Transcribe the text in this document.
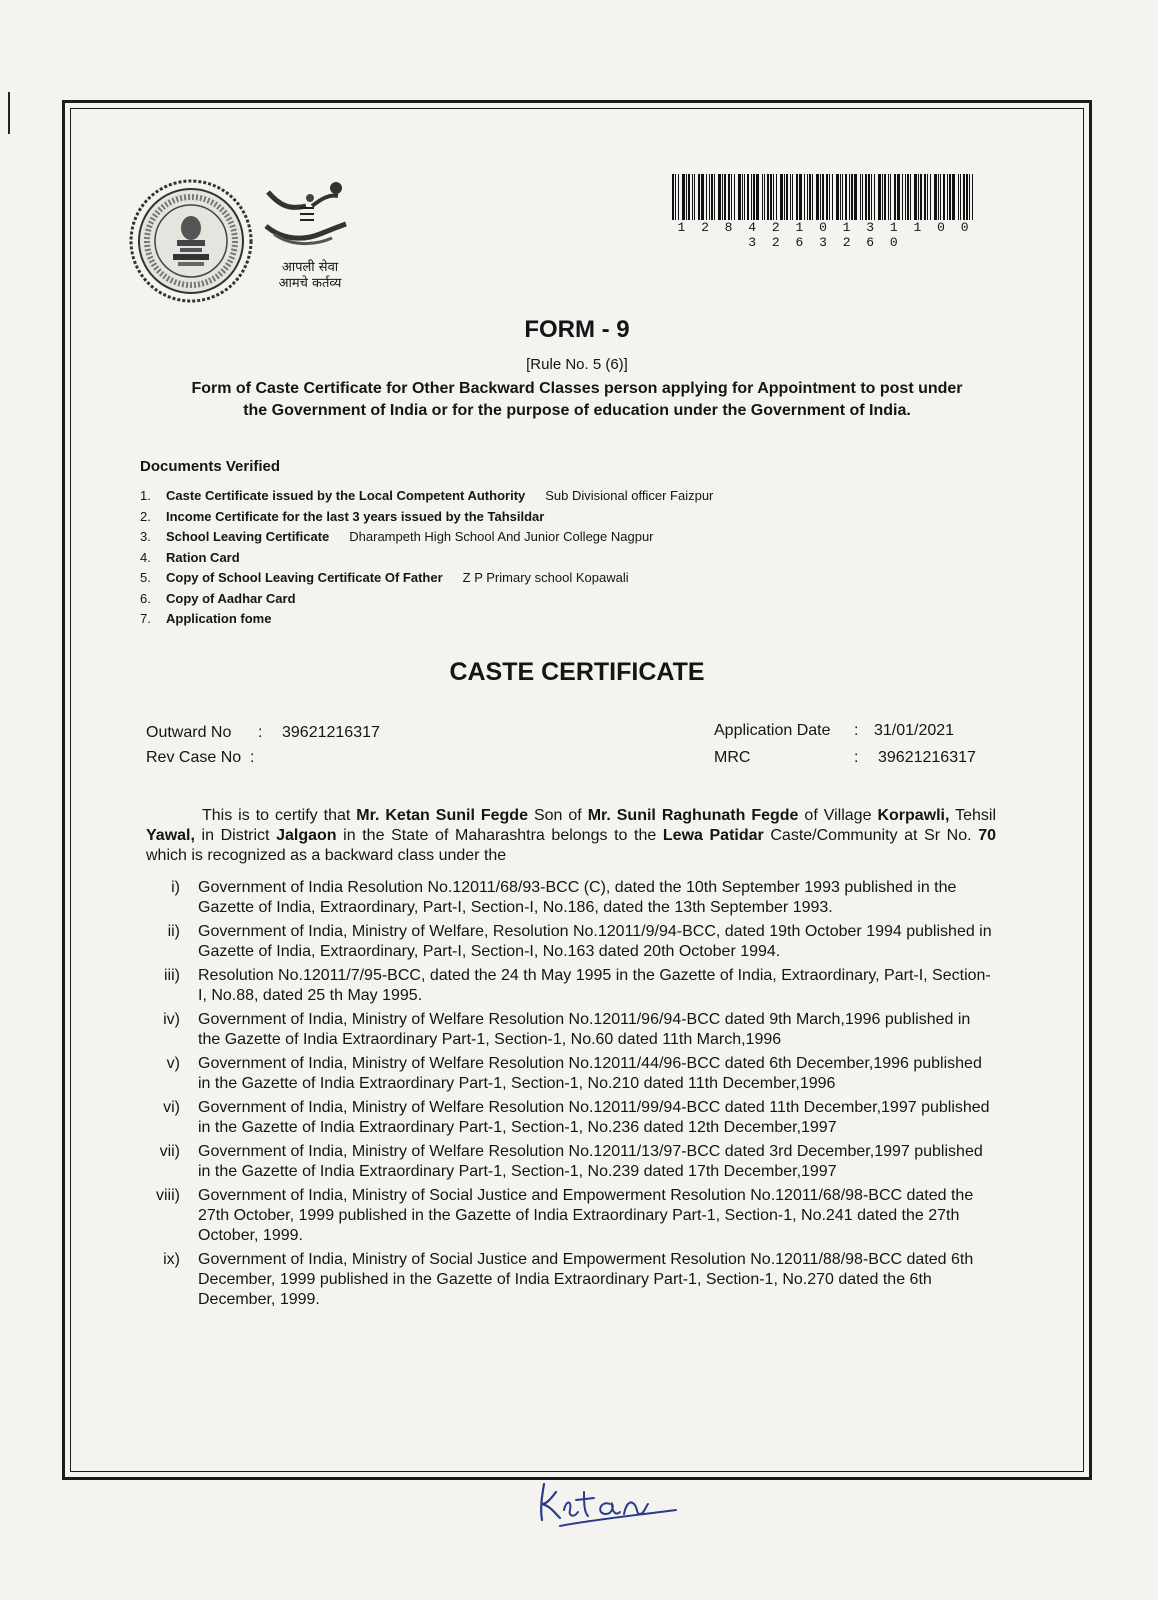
आपली सेवा
आमचे कर्तव्य
1 2 8 4 2 1 0 1 3 1 1 0 0 3 2 6 3 2 6 0
FORM - 9
[Rule No. 5 (6)]
Form of Caste Certificate for Other Backward Classes person applying for Appointment to post under
the Government of India or for the purpose of education under the Government of India.
Documents Verified
1. Caste Certificate issued by the Local Competent Authority Sub Divisional officer Faizpur
2. Income Certificate for the last 3 years issued by the Tahsildar
3. School Leaving Certificate Dharampeth High School And Junior College Nagpur
4. Ration Card
5. Copy of School Leaving Certificate Of Father Z P Primary school Kopawali
6. Copy of Aadhar Card
7. Application fome
CASTE CERTIFICATE
Outward No : 39621216317
Rev Case No :
Application Date : 31/01/2021
MRC	: 39621216317
This is to certify that Mr. Ketan Sunil Fegde Son of Mr. Sunil Raghunath Fegde of Village Korpawli, Tehsil Yawal, in District Jalgaon in the State of Maharashtra belongs to the Lewa Patidar Caste/Community at Sr No. 70 which is recognized as a backward class under the
i) Government of India Resolution No.12011/68/93-BCC (C), dated the 10th September 1993 published in the Gazette of India, Extraordinary, Part-I, Section-I, No.186, dated the 13th September 1993.
ii) Government of India, Ministry of Welfare, Resolution No.12011/9/94-BCC, dated 19th October 1994 published in Gazette of India, Extraordinary, Part-I, Section-I, No.163 dated 20th October 1994.
iii) Resolution No.12011/7/95-BCC, dated the 24 th May 1995 in the Gazette of India, Extraordinary, Part-I, Section-I, No.88, dated 25 th May 1995.
iv) Government of India, Ministry of Welfare Resolution No.12011/96/94-BCC dated 9th March,1996 published in the Gazette of India Extraordinary Part-1, Section-1, No.60 dated 11th March,1996
v) Government of India, Ministry of Welfare Resolution No.12011/44/96-BCC dated 6th December,1996 published in the Gazette of India Extraordinary Part-1, Section-1, No.210 dated 11th December,1996
vi) Government of India, Ministry of Welfare Resolution No.12011/99/94-BCC dated 11th December,1997 published in the Gazette of India Extraordinary Part-1, Section-1, No.236 dated 12th December,1997
vii) Government of India, Ministry of Welfare Resolution No.12011/13/97-BCC dated 3rd December,1997 published in the Gazette of India Extraordinary Part-1, Section-1, No.239 dated 17th December,1997
viii) Government of India, Ministry of Social Justice and Empowerment Resolution No.12011/68/98-BCC dated the 27th October, 1999 published in the Gazette of India Extraordinary Part-1, Section-1, No.241 dated the 27th October, 1999.
ix) Government of India, Ministry of Social Justice and Empowerment Resolution No.12011/88/98-BCC dated 6th December, 1999 published in the Gazette of India Extraordinary Part-1, Section-1, No.270 dated the 6th December, 1999.
